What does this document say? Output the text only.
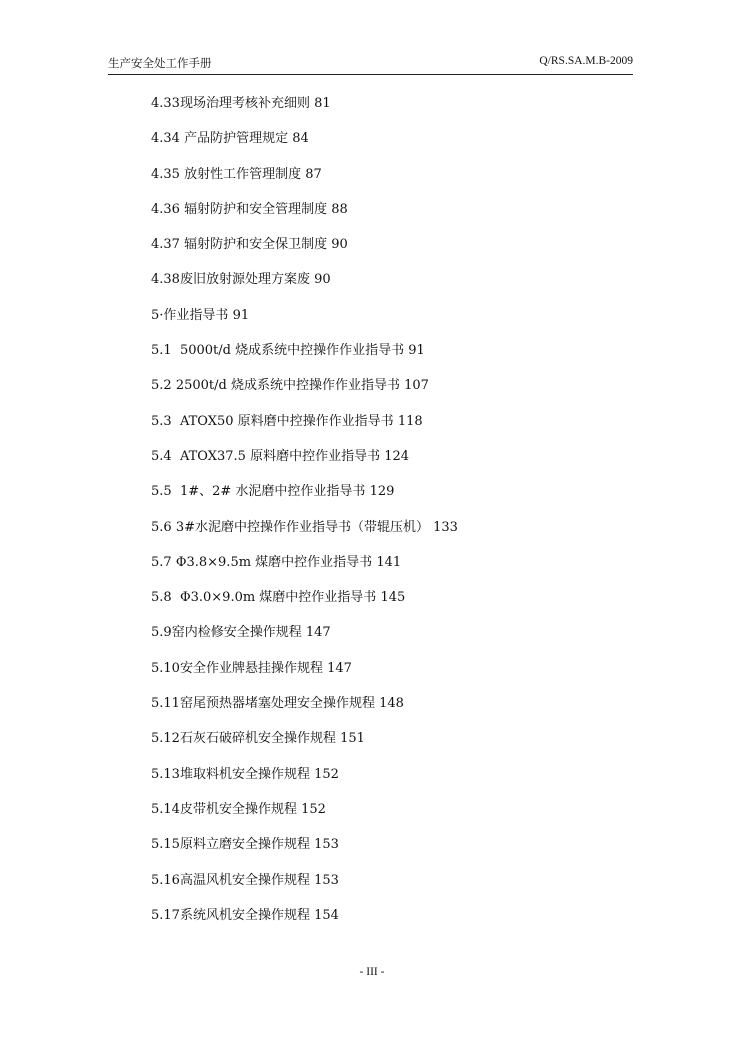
生产安全处工作手册	Q/RS.SA.M.B-2009
4.33现场治理考核补充细则 81
4.34 产品防护管理规定 84
4.35 放射性工作管理制度 87
4.36 辐射防护和安全管理制度 88
4.37 辐射防护和安全保卫制度 90
4.38废旧放射源处理方案废 90
5·作业指导书 91
5.1  5000t/d 烧成系统中控操作作业指导书 91
5.2 2500t/d 烧成系统中控操作作业指导书 107
5.3  ATOX50 原料磨中控操作作业指导书 118
5.4  ATOX37.5 原料磨中控作业指导书 124
5.5  1#、2# 水泥磨中控作业指导书 129
5.6 3#水泥磨中控操作作业指导书（带辊压机） 133
5.7 Φ3.8×9.5m 煤磨中控作业指导书 141
5.8  Φ3.0×9.0m 煤磨中控作业指导书 145
5.9窑内检修安全操作规程 147
5.10安全作业牌悬挂操作规程 147
5.11窑尾预热器堵塞处理安全操作规程 148
5.12石灰石破碎机安全操作规程 151
5.13堆取料机安全操作规程 152
5.14皮带机安全操作规程 152
5.15原料立磨安全操作规程 153
5.16高温风机安全操作规程 153
5.17系统风机安全操作规程 154
- III -
